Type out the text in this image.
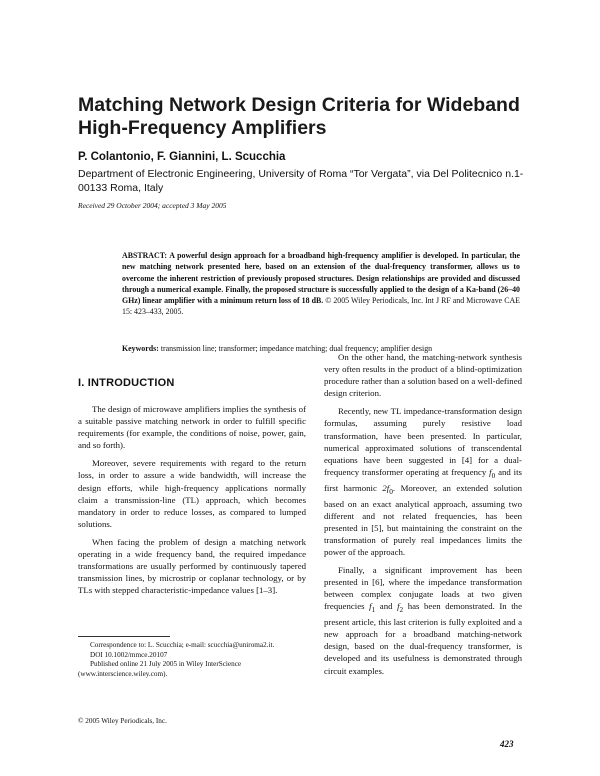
Matching Network Design Criteria for Wideband High-Frequency Amplifiers
P. Colantonio, F. Giannini, L. Scucchia
Department of Electronic Engineering, University of Roma “Tor Vergata”, via Del Politecnico n.1-00133 Roma, Italy
Received 29 October 2004; accepted 3 May 2005
ABSTRACT: A powerful design approach for a broadband high-frequency amplifier is developed. In particular, the new matching network presented here, based on an extension of the dual-frequency transformer, allows us to overcome the inherent restriction of previously proposed structures. Design relationships are provided and discussed through a numerical example. Finally, the proposed structure is successfully applied to the design of a Ka-band (26–40 GHz) linear amplifier with a minimum return loss of 18 dB. © 2005 Wiley Periodicals, Inc. Int J RF and Microwave CAE 15: 423–433, 2005.
Keywords: transmission line; transformer; impedance matching; dual frequency; amplifier design
I. INTRODUCTION

The design of microwave amplifiers implies the synthesis of a suitable passive matching network in order to fulfill specific requirements (for example, the conditions of noise, power, gain, and so forth).

Moreover, severe requirements with regard to the return loss, in order to assure a wide bandwidth, will increase the design efforts, while high-frequency applications normally claim a transmission-line (TL) approach, which becomes mandatory in order to reduce losses, as compared to lumped solutions.

When facing the problem of design a matching network operating in a wide frequency band, the required impedance transformations are usually performed by continuously tapered transmission lines, by microstrip or coplanar technology, or by TLs with stepped characteristic-impedance values [1–3].

On the other hand, the matching-network synthesis very often results in the product of a blind-optimization procedure rather than a solution based on a well-defined design criterion.

Recently, new TL impedance-transformation design formulas, assuming purely resistive load transformation, have been presented. In particular, numerical approximated solutions of transcendental equations have been suggested in [4] for a dual-frequency transformer operating at frequency $f_0$ and its first harmonic $2f_0$. Moreover, an extended solution based on an exact analytical approach, assuming two different and not related frequencies, has been presented in [5], but maintaining the constraint on the transformation of purely real impedances limits the power of the approach.

Finally, a significant improvement has been presented in [6], where the impedance transformation between complex conjugate loads at two given frequencies $f_1$ and $f_2$ has been demonstrated. In the present article, this last criterion is fully exploited and a new approach for a broadband matching-network design, based on the dual-frequency transformer, is developed and its usefulness is demonstrated through circuit examples.

Correspondence to: L. Scucchia; e-mail: scucchia@uniroma2.it.
DOI 10.1002/mmce.20107
Published online 21 July 2005 in Wiley InterScience (www.interscience.wiley.com).
© 2005 Wiley Periodicals, Inc.
423
